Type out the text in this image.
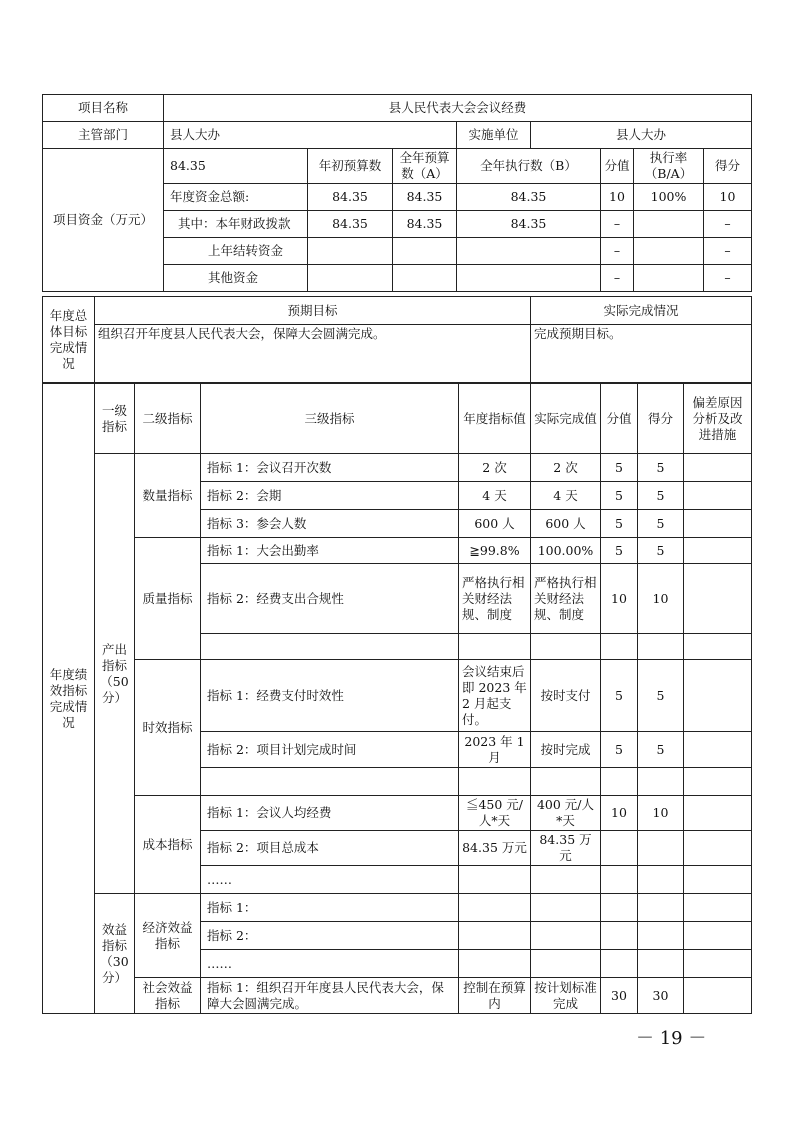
项目名称	县人民代表大会会议经费							
主管部门	县人大办			实施单位	县人大办			
项目资金（万元）	84.35	年初预算数	全年预算数（A）	全年执行数（B）		分值	执行率（B/A）	得分
	年度资金总额:	84.35	84.35	84.35		10	100%	10
	其中：本年财政拨款	84.35	84.35	84.35		–		–
	上年结转资金					–		–
	其他资金					–		–
年度总体目标完成情况	预期目标	实际完成情况
	组织召开年度县人民代表大会，保障大会圆满完成。	完成预期目标。
年度绩效指标完成情况	一级指标	二级指标	三级指标	年度指标值	实际完成值	分值	得分	偏差原因分析及改进措施
	产出指标（50分）	数量指标	指标 1：会议召开次数	2 次	2 次	5	5	
			指标 2：会期	4 天	4 天	5	5	
			指标 3：参会人数	600 人	600 人	5	5	
		质量指标	指标 1：大会出勤率	≧99.8%	100.00%	5	5	
			指标 2：经费支出合规性	严格执行相关财经法规、制度	严格执行相关财经法规、制度	10	10	

		时效指标	指标 1：经费支付时效性	会议结束后即 2023 年 2 月起支付。	按时支付	5	5	
			指标 2：项目计划完成时间	2023 年 1 月	按时完成	5	5	

		成本指标	指标 1：会议人均经费	≦450 元/人*天	400 元/人*天	10	10	
			指标 2：项目总成本	84.35 万元	84.35 万元			
			……					
	效益指标（30分）	经济效益指标	指标 1：					
			指标 2：					
			……					
		社会效益指标	指标 1：组织召开年度县人民代表大会，保障大会圆满完成。	控制在预算内	按计划标准完成	30	30	
－ 19 －
